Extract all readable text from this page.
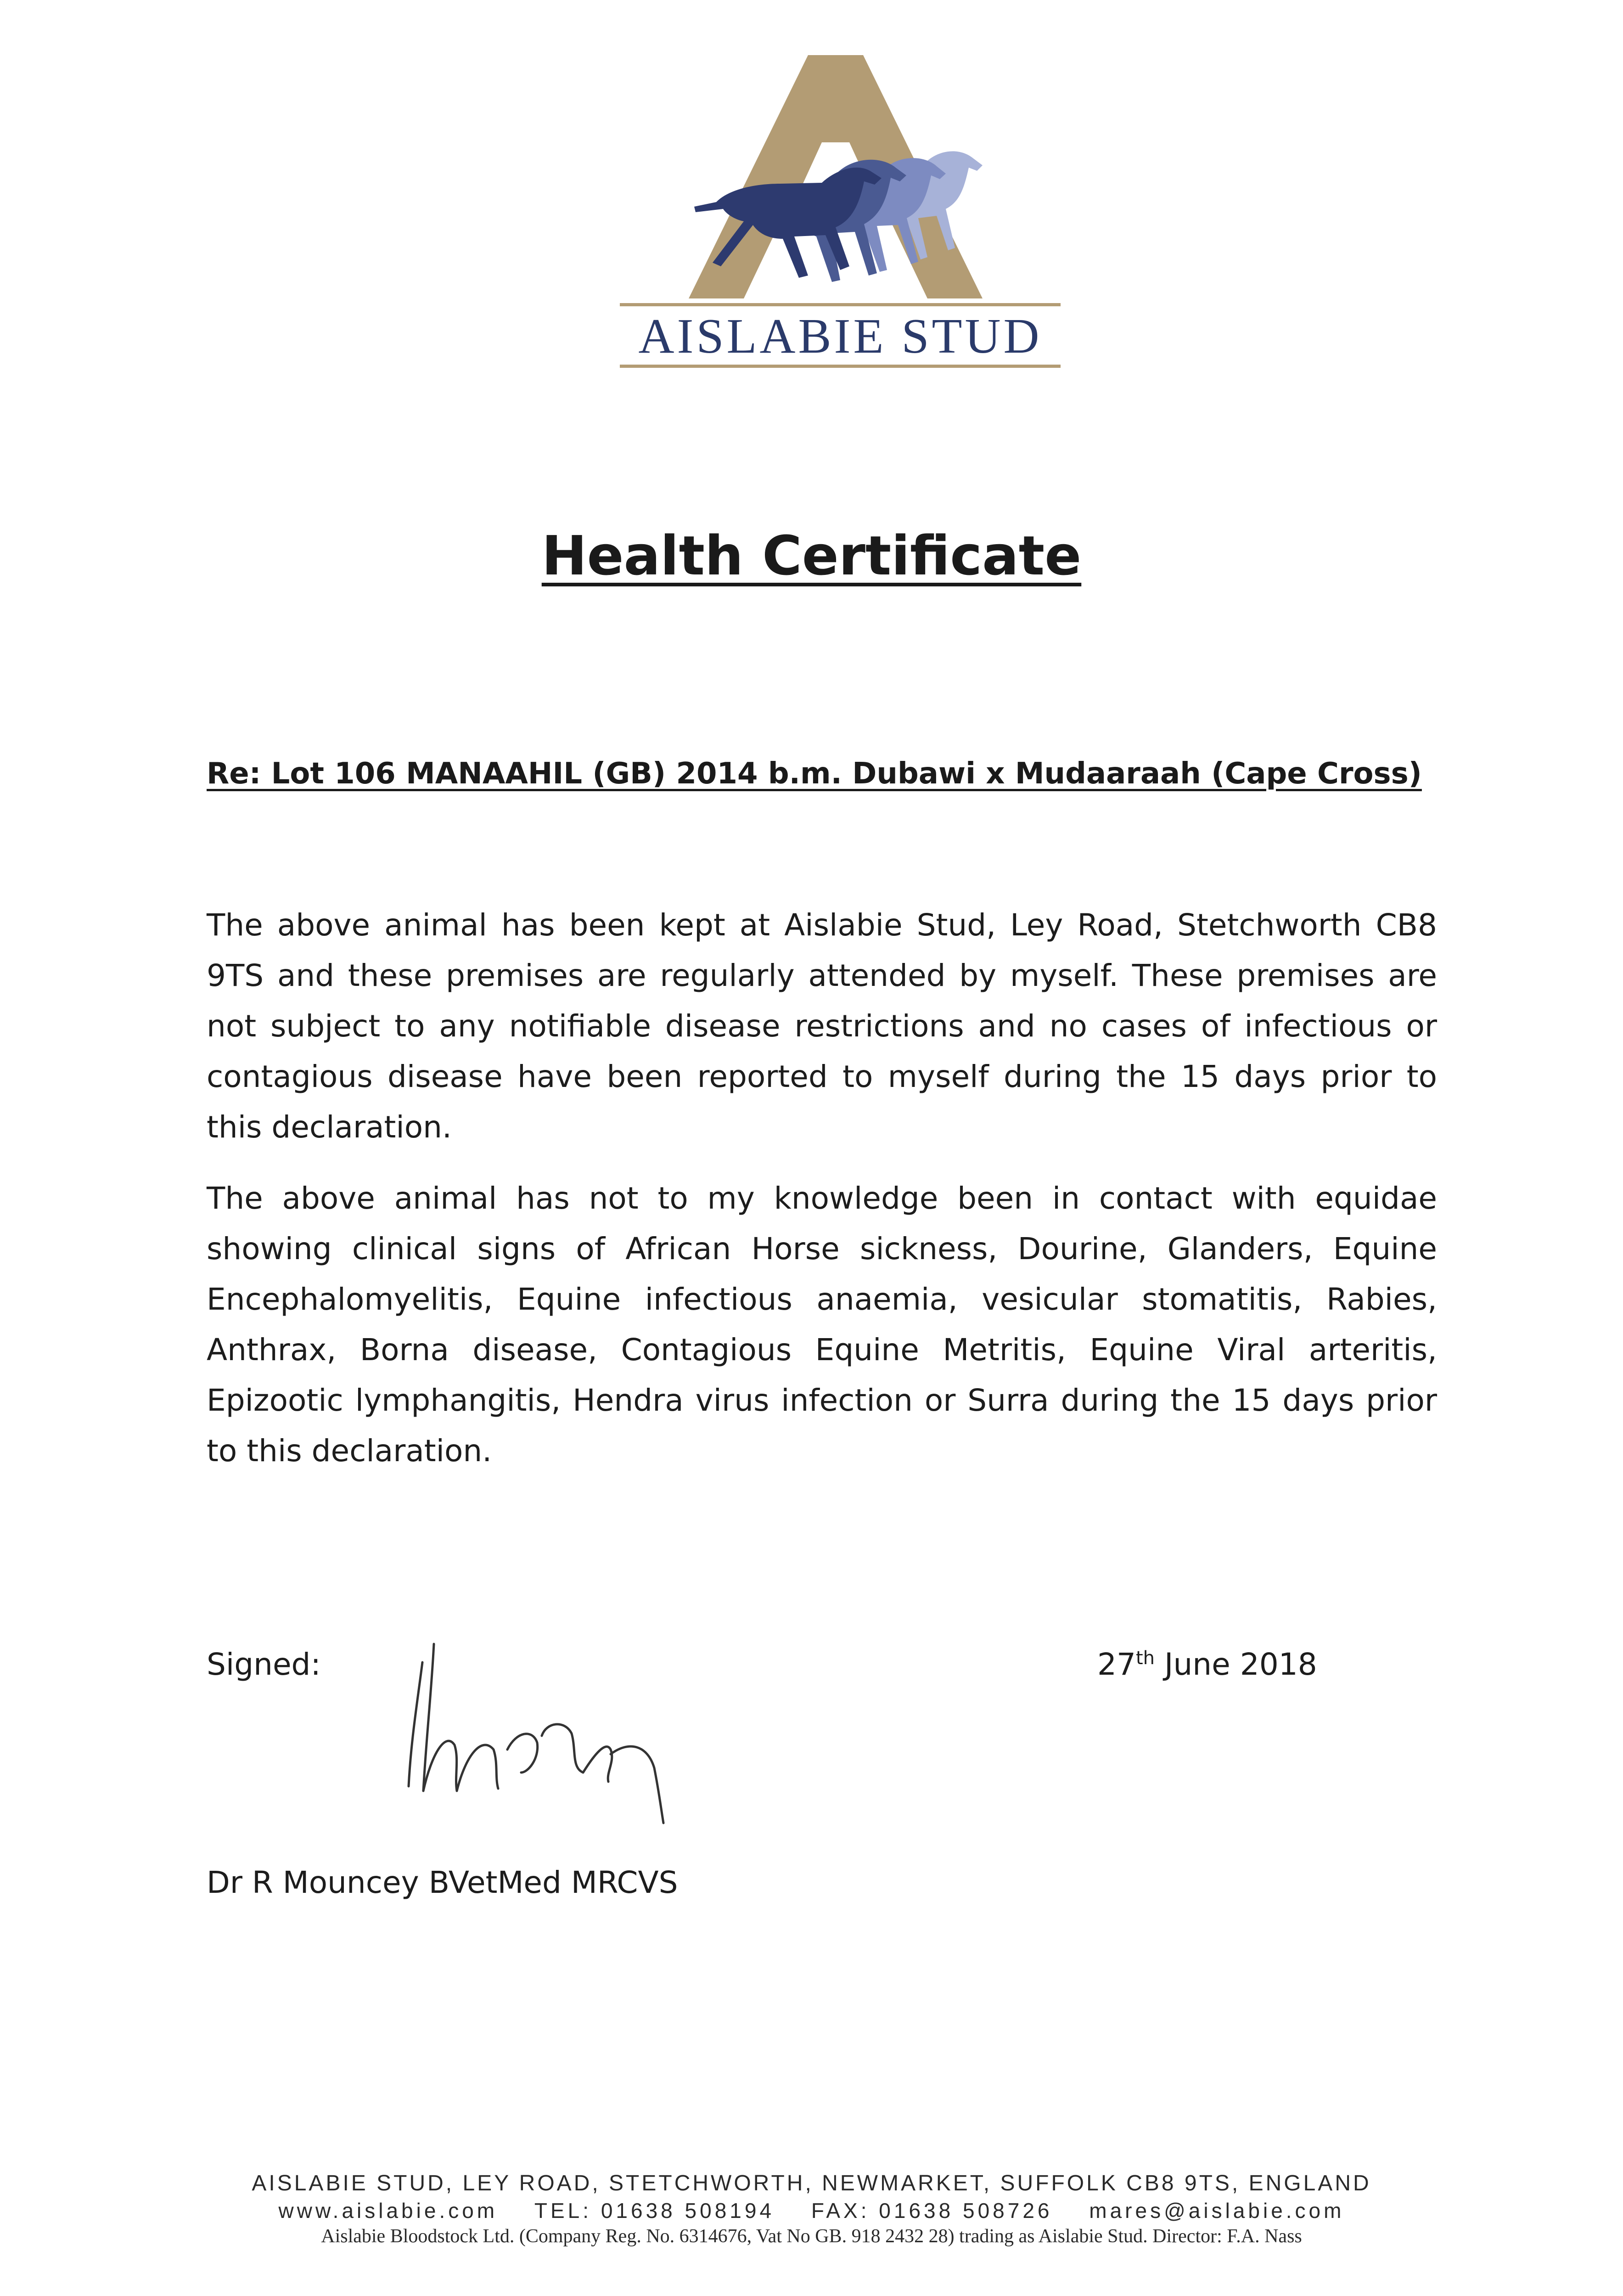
AISLABIE STUD
Health Certificate
Re: Lot 106 MANAAHIL (GB) 2014 b.m. Dubawi x Mudaaraah (Cape Cross)

The above animal has been kept at Aislabie Stud, Ley Road, Stetchworth CB8 9TS and these premises are regularly attended by myself. These premises are not subject to any notifiable disease restrictions and no cases of infectious or contagious disease have been reported to myself during the 15 days prior to this declaration.

The above animal has not to my knowledge been in contact with equidae showing clinical signs of African Horse sickness, Dourine, Glanders, Equine Encephalomyelitis, Equine infectious anaemia, vesicular stomatitis, Rabies, Anthrax, Borna disease, Contagious Equine Metritis, Equine Viral arteritis, Epizootic lymphangitis, Hendra virus infection or Surra during the 15 days prior to this declaration.

Signed:	27th June 2018
Dr R Mouncey BVetMed MRCVS
AISLABIE STUD, LEY ROAD, STETCHWORTH, NEWMARKET, SUFFOLK CB8 9TS, ENGLAND
www.aislabie.com TEL: 01638 508194 FAX: 01638 508726 mares@aislabie.com
Aislabie Bloodstock Ltd. (Company Reg. No. 6314676, Vat No GB. 918 2432 28) trading as Aislabie Stud. Director: F.A. Nass
